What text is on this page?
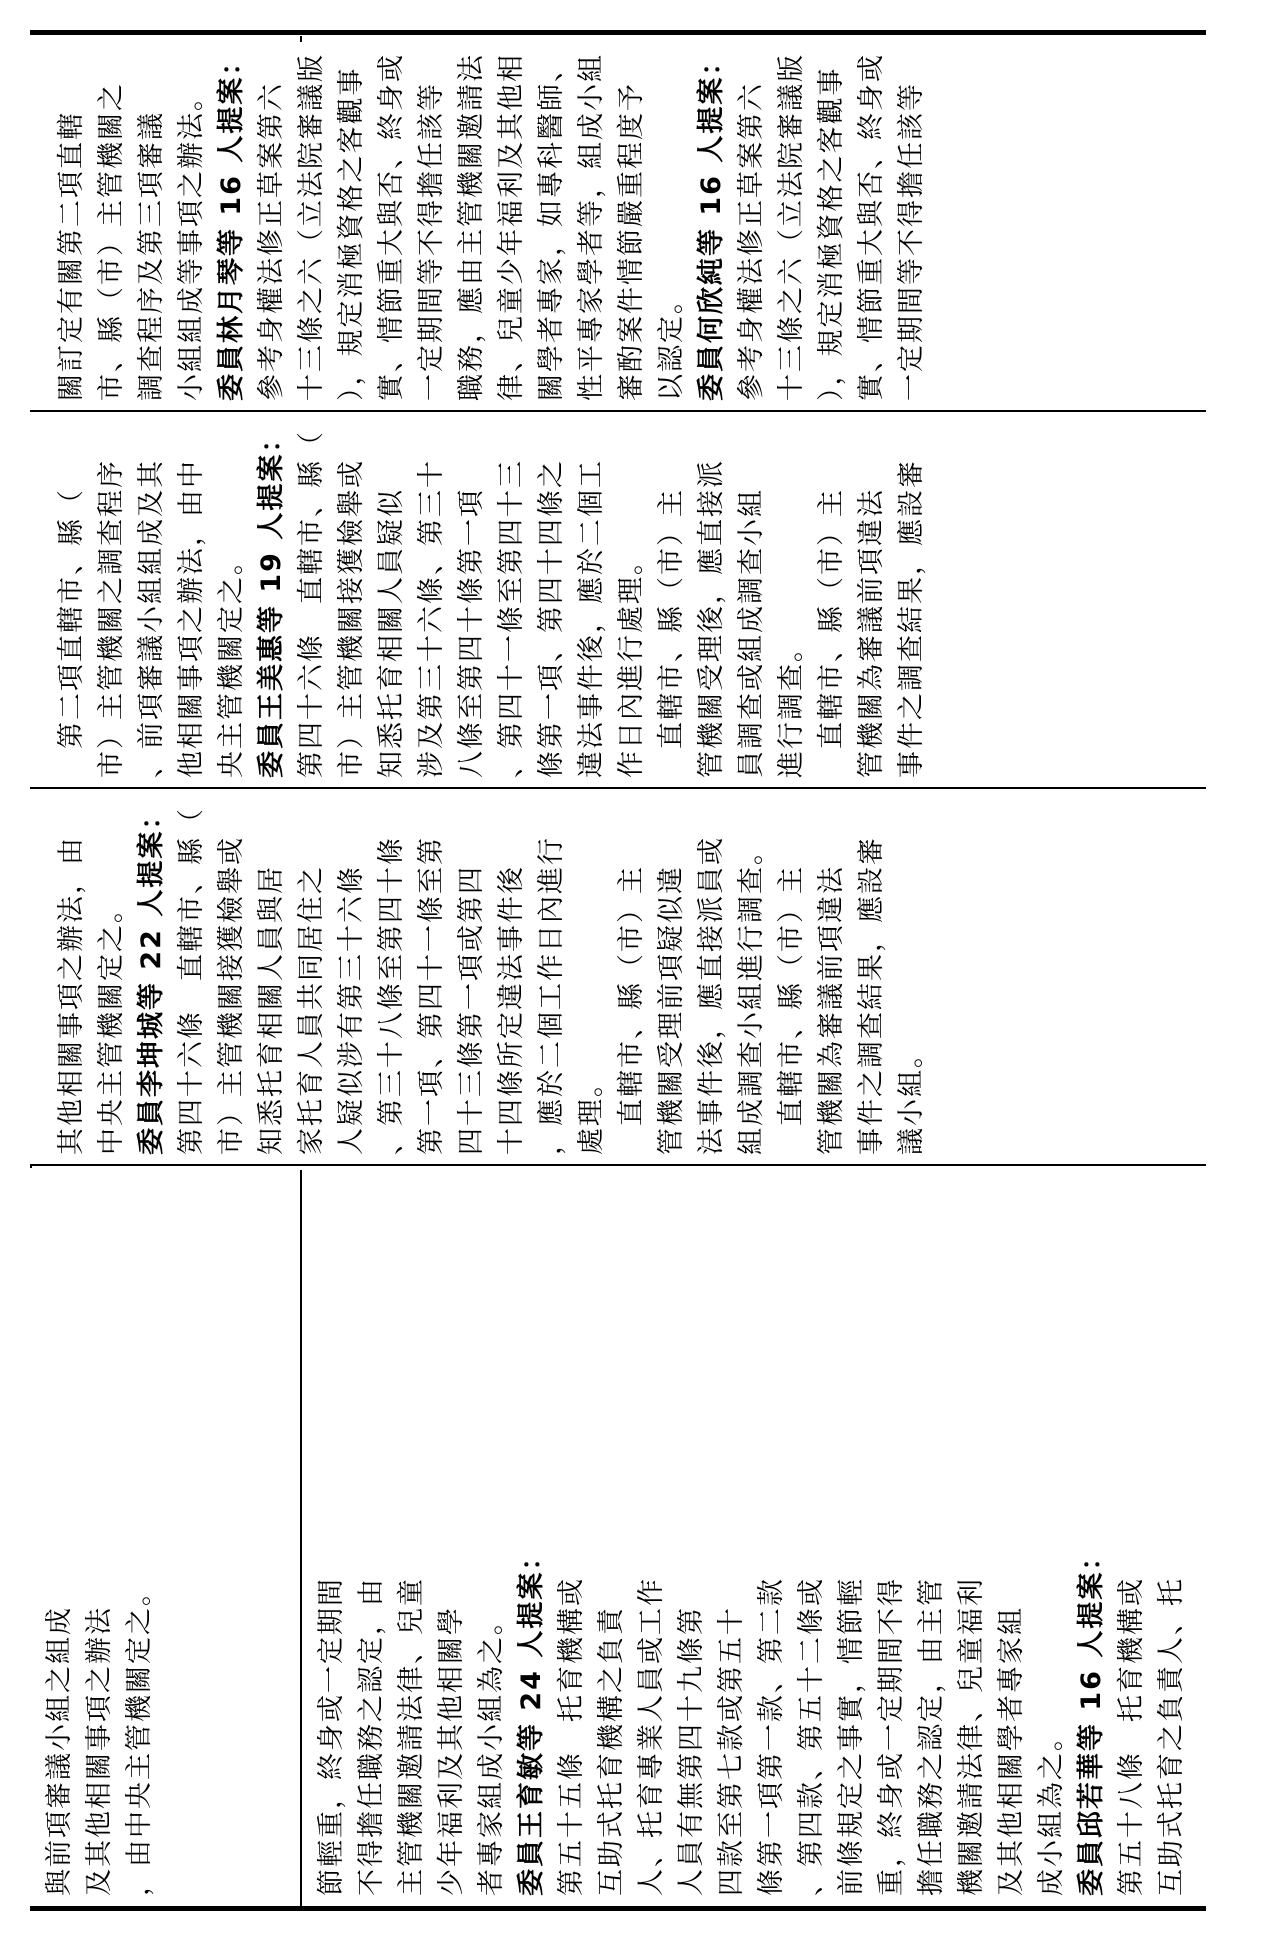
與前項審議小組之組成 及其他相關事項之辦法 ，由中央主管機關定之。	節輕重，終身或一定期間 不得擔任職務之認定，由 主管機關邀請法律、兒童 少年福利及其他相關學 者專家組成小組為之。 委員王育敏等 24 人提案： 第五十五條　托育機構或 互助式托育機構之負責 人、托育專業人員或工作 人員有無第四十九條第 四款至第七款或第五十 條第一項第一款、第二款 、第四款、第五十二條或 前條規定之事實，情節輕 重，終身或一定期間不得 擔任職務之認定，由主管 機關邀請法律、兒童福利 及其他相關學者專家組 成小組為之。 委員邱若華等 16 人提案： 第五十八條　托育機構或 互助式托育之負責人、托
其他相關事項之辦法，由 中央主管機關定之。 委員李坤城等 22 人提案： 第四十六條　直轄市、縣（ 市）主管機關接獲檢舉或 知悉托育相關人員與居 家托育人員共同居住之 人疑似涉有第三十六條 、第三十八條至第四十條 第一項、第四十一條至第 四十三條第一項或第四 十四條所定違法事件後 ，應於二個工作日內進行 處理。 　直轄市、縣（市）主 管機關受理前項疑似違 法事件後，應直接派員或 組成調查小組進行調查。 　直轄市、縣（市）主 管機關為審議前項違法 事件之調查結果，應設審 議小組。
　第二項直轄市、縣（ 市）主管機關之調查程序 、前項審議小組組成及其 他相關事項之辦法，由中 央主管機關定之。 委員王美惠等 19 人提案： 第四十六條　直轄市、縣（ 市）主管機關接獲檢舉或 知悉托育相關人員疑似 涉及第三十六條、第三十 八條至第四十條第一項 、第四十一條至第四十三 條第一項、第四十四條之 違法事件後，應於二個工 作日內進行處理。 　直轄市、縣（市）主 管機關受理後，應直接派 員調查或組成調查小組 進行調查。 　直轄市、縣（市）主 管機關為審議前項違法 事件之調查結果，應設審
關訂定有關第二項直轄 市、縣（市）主管機關之 調查程序及第三項審議 小組組成等事項之辦法。 委員林月琴等 16 人提案： 參考身權法修正草案第六 十三條之六（立法院審議版 ），規定消極資格之客觀事 實、情節重大與否、終身或 一定期間等不得擔任該等 職務，應由主管機關邀請法 律、兒童少年福利及其他相 關學者專家，如專科醫師、 性平專家學者等，組成小組 審酌案件情節嚴重程度予 以認定。 委員何欣純等 16 人提案： 參考身權法修正草案第六 十三條之六（立法院審議版 ），規定消極資格之客觀事 實、情節重大與否、終身或 一定期間等不得擔任該等
